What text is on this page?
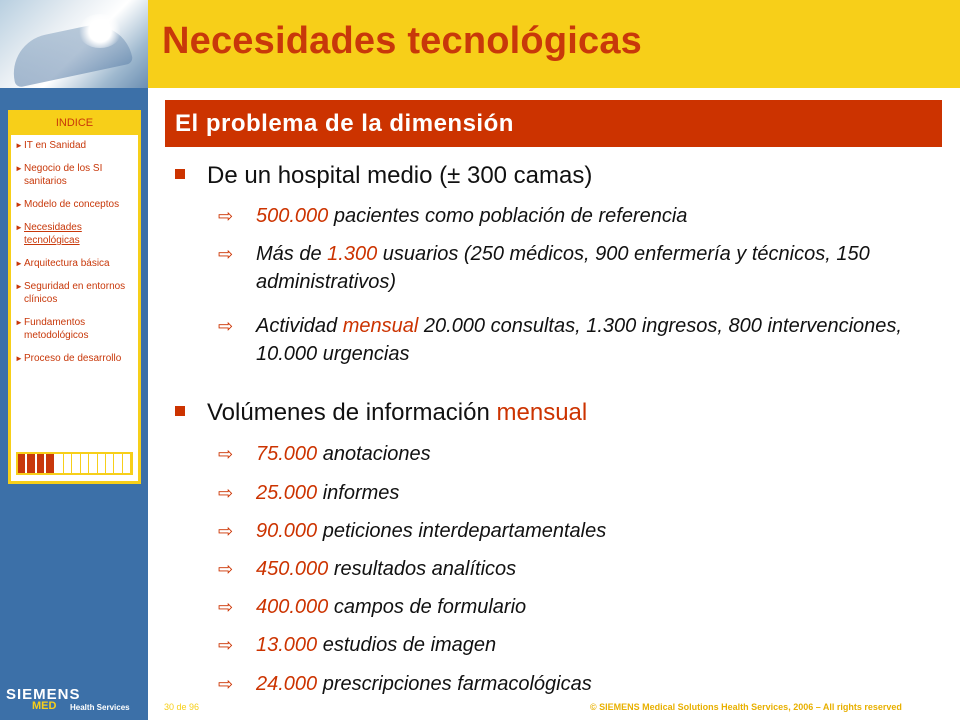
Necesidades tecnológicas
INDICE
► IT en Sanidad
► Negocio de los SI sanitarios
► Modelo de conceptos
► Necesidades tecnológicas
► Arquitectura básica
► Seguridad en entornos clínicos
► Fundamentos metodológicos
► Proceso de desarrollo
El problema de la dimensión
De un hospital medio (± 300 camas)
⇨	500.000 pacientes como población de referencia
⇨	Más de 1.300 usuarios (250 médicos, 900 enfermería y técnicos, 150 administrativos)
⇨	Actividad mensual 20.000 consultas, 1.300 ingresos, 800 intervenciones, 10.000 urgencias
Volúmenes de información mensual
⇨	75.000 anotaciones
⇨	25.000 informes
⇨	90.000 peticiones interdepartamentales
⇨	450.000 resultados analíticos
⇨	400.000 campos de formulario
⇨	13.000 estudios de imagen
⇨	24.000 prescripciones farmacológicas
SIEMENS
MED Health Services	30 de 96	© SIEMENS Medical Solutions Health Services, 2006 – All rights reserved
